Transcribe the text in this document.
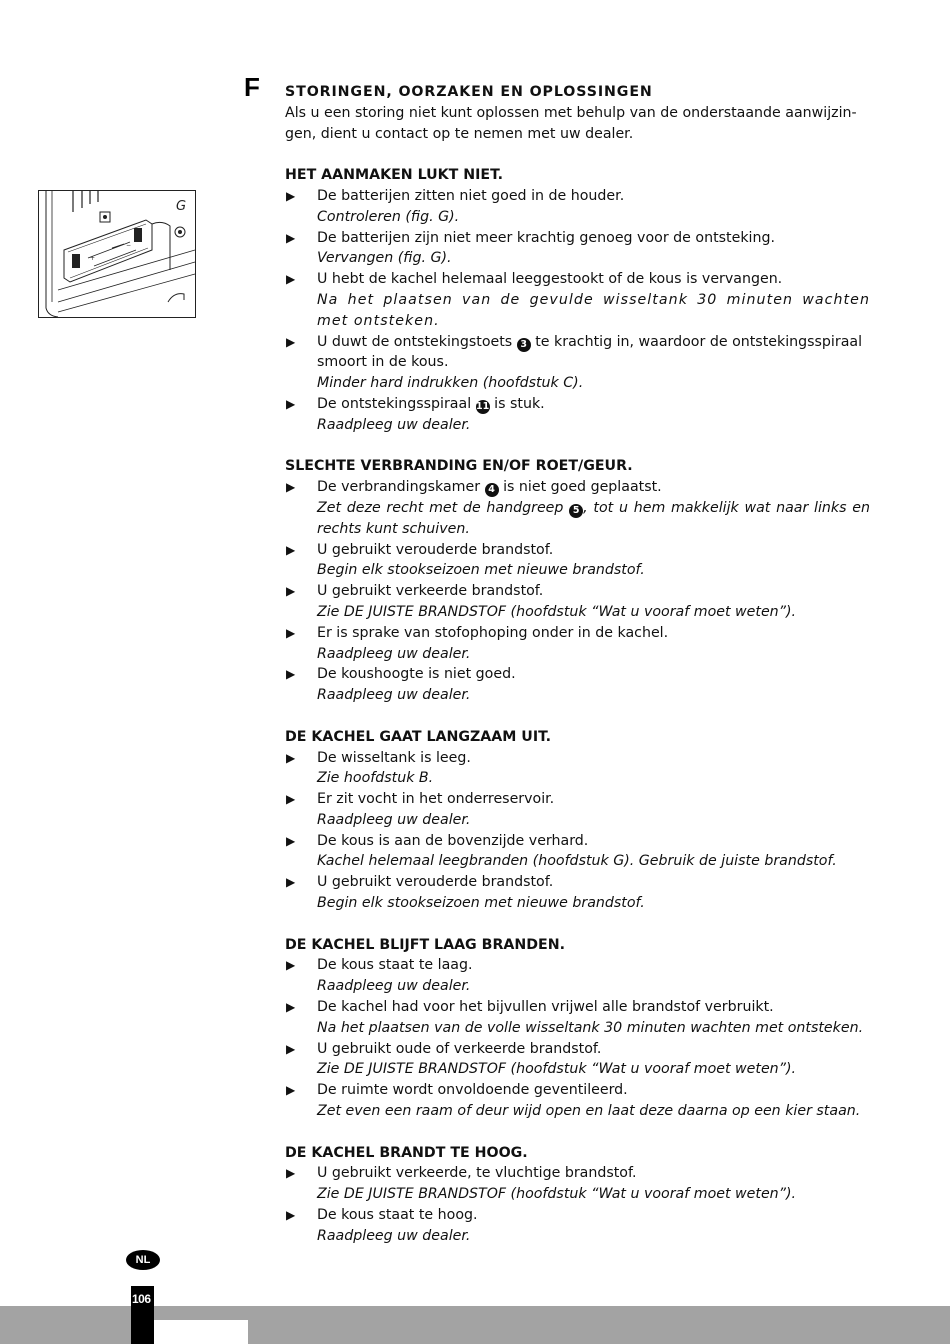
F
+
−
G
STORINGEN, OORZAKEN EN OPLOSSINGEN

Als u een storing niet kunt oplossen met behulp van de onderstaande aanwijzin-gen, dient u contact op te nemen met uw dealer.

HET AANMAKEN LUKT NIET.

▶ De batterijen zitten niet goed in de houder.
Controleren (fig. G).
▶ De batterijen zijn niet meer krachtig genoeg voor de ontsteking.
Vervangen (fig. G).
▶ U hebt de kachel helemaal leeggestookt of de kous is vervangen.
Na het plaatsen van de gevulde wisseltank 30 minuten wachten met ontsteken.
▶ U duwt de ontstekingstoets 3 te krachtig in, waardoor de ontstekingsspiraal smoort in de kous.
Minder hard indrukken (hoofdstuk C).
▶ De ontstekingsspiraal 11 is stuk.
Raadpleeg uw dealer.

SLECHTE VERBRANDING EN/OF ROET/GEUR.

▶ De verbrandingskamer 4 is niet goed geplaatst.
Zet deze recht met de handgreep 5 , tot u hem makkelijk wat naar links en rechts kunt schuiven.
▶ U gebruikt verouderde brandstof.
Begin elk stookseizoen met nieuwe brandstof.
▶ U gebruikt verkeerde brandstof.
Zie DE JUISTE BRANDSTOF (hoofdstuk “Wat u vooraf moet weten”).
▶ Er is sprake van stofophoping onder in de kachel.
Raadpleeg uw dealer.
▶ De koushoogte is niet goed.
Raadpleeg uw dealer.

DE KACHEL GAAT LANGZAAM UIT.

▶ De wisseltank is leeg.
Zie hoofdstuk B.
▶ Er zit vocht in het onderreservoir.
Raadpleeg uw dealer.
▶ De kous is aan de bovenzijde verhard.
Kachel helemaal leegbranden (hoofdstuk G). Gebruik de juiste brandstof.
▶ U gebruikt verouderde brandstof.
Begin elk stookseizoen met nieuwe brandstof.

DE KACHEL BLIJFT LAAG BRANDEN.

▶ De kous staat te laag.
Raadpleeg uw dealer.
▶ De kachel had voor het bijvullen vrijwel alle brandstof verbruikt.
Na het plaatsen van de volle wisseltank 30 minuten wachten met ontsteken.
▶ U gebruikt oude of verkeerde brandstof.
Zie DE JUISTE BRANDSTOF (hoofdstuk “Wat u vooraf moet weten”).
▶ De ruimte wordt onvoldoende geventileerd.
Zet even een raam of deur wijd open en laat deze daarna op een kier staan.

DE KACHEL BRANDT TE HOOG.

▶ U gebruikt verkeerde, te vluchtige brandstof.
Zie DE JUISTE BRANDSTOF (hoofdstuk “Wat u vooraf moet weten”).
▶ De kous staat te hoog.
Raadpleeg uw dealer.
NL
106
